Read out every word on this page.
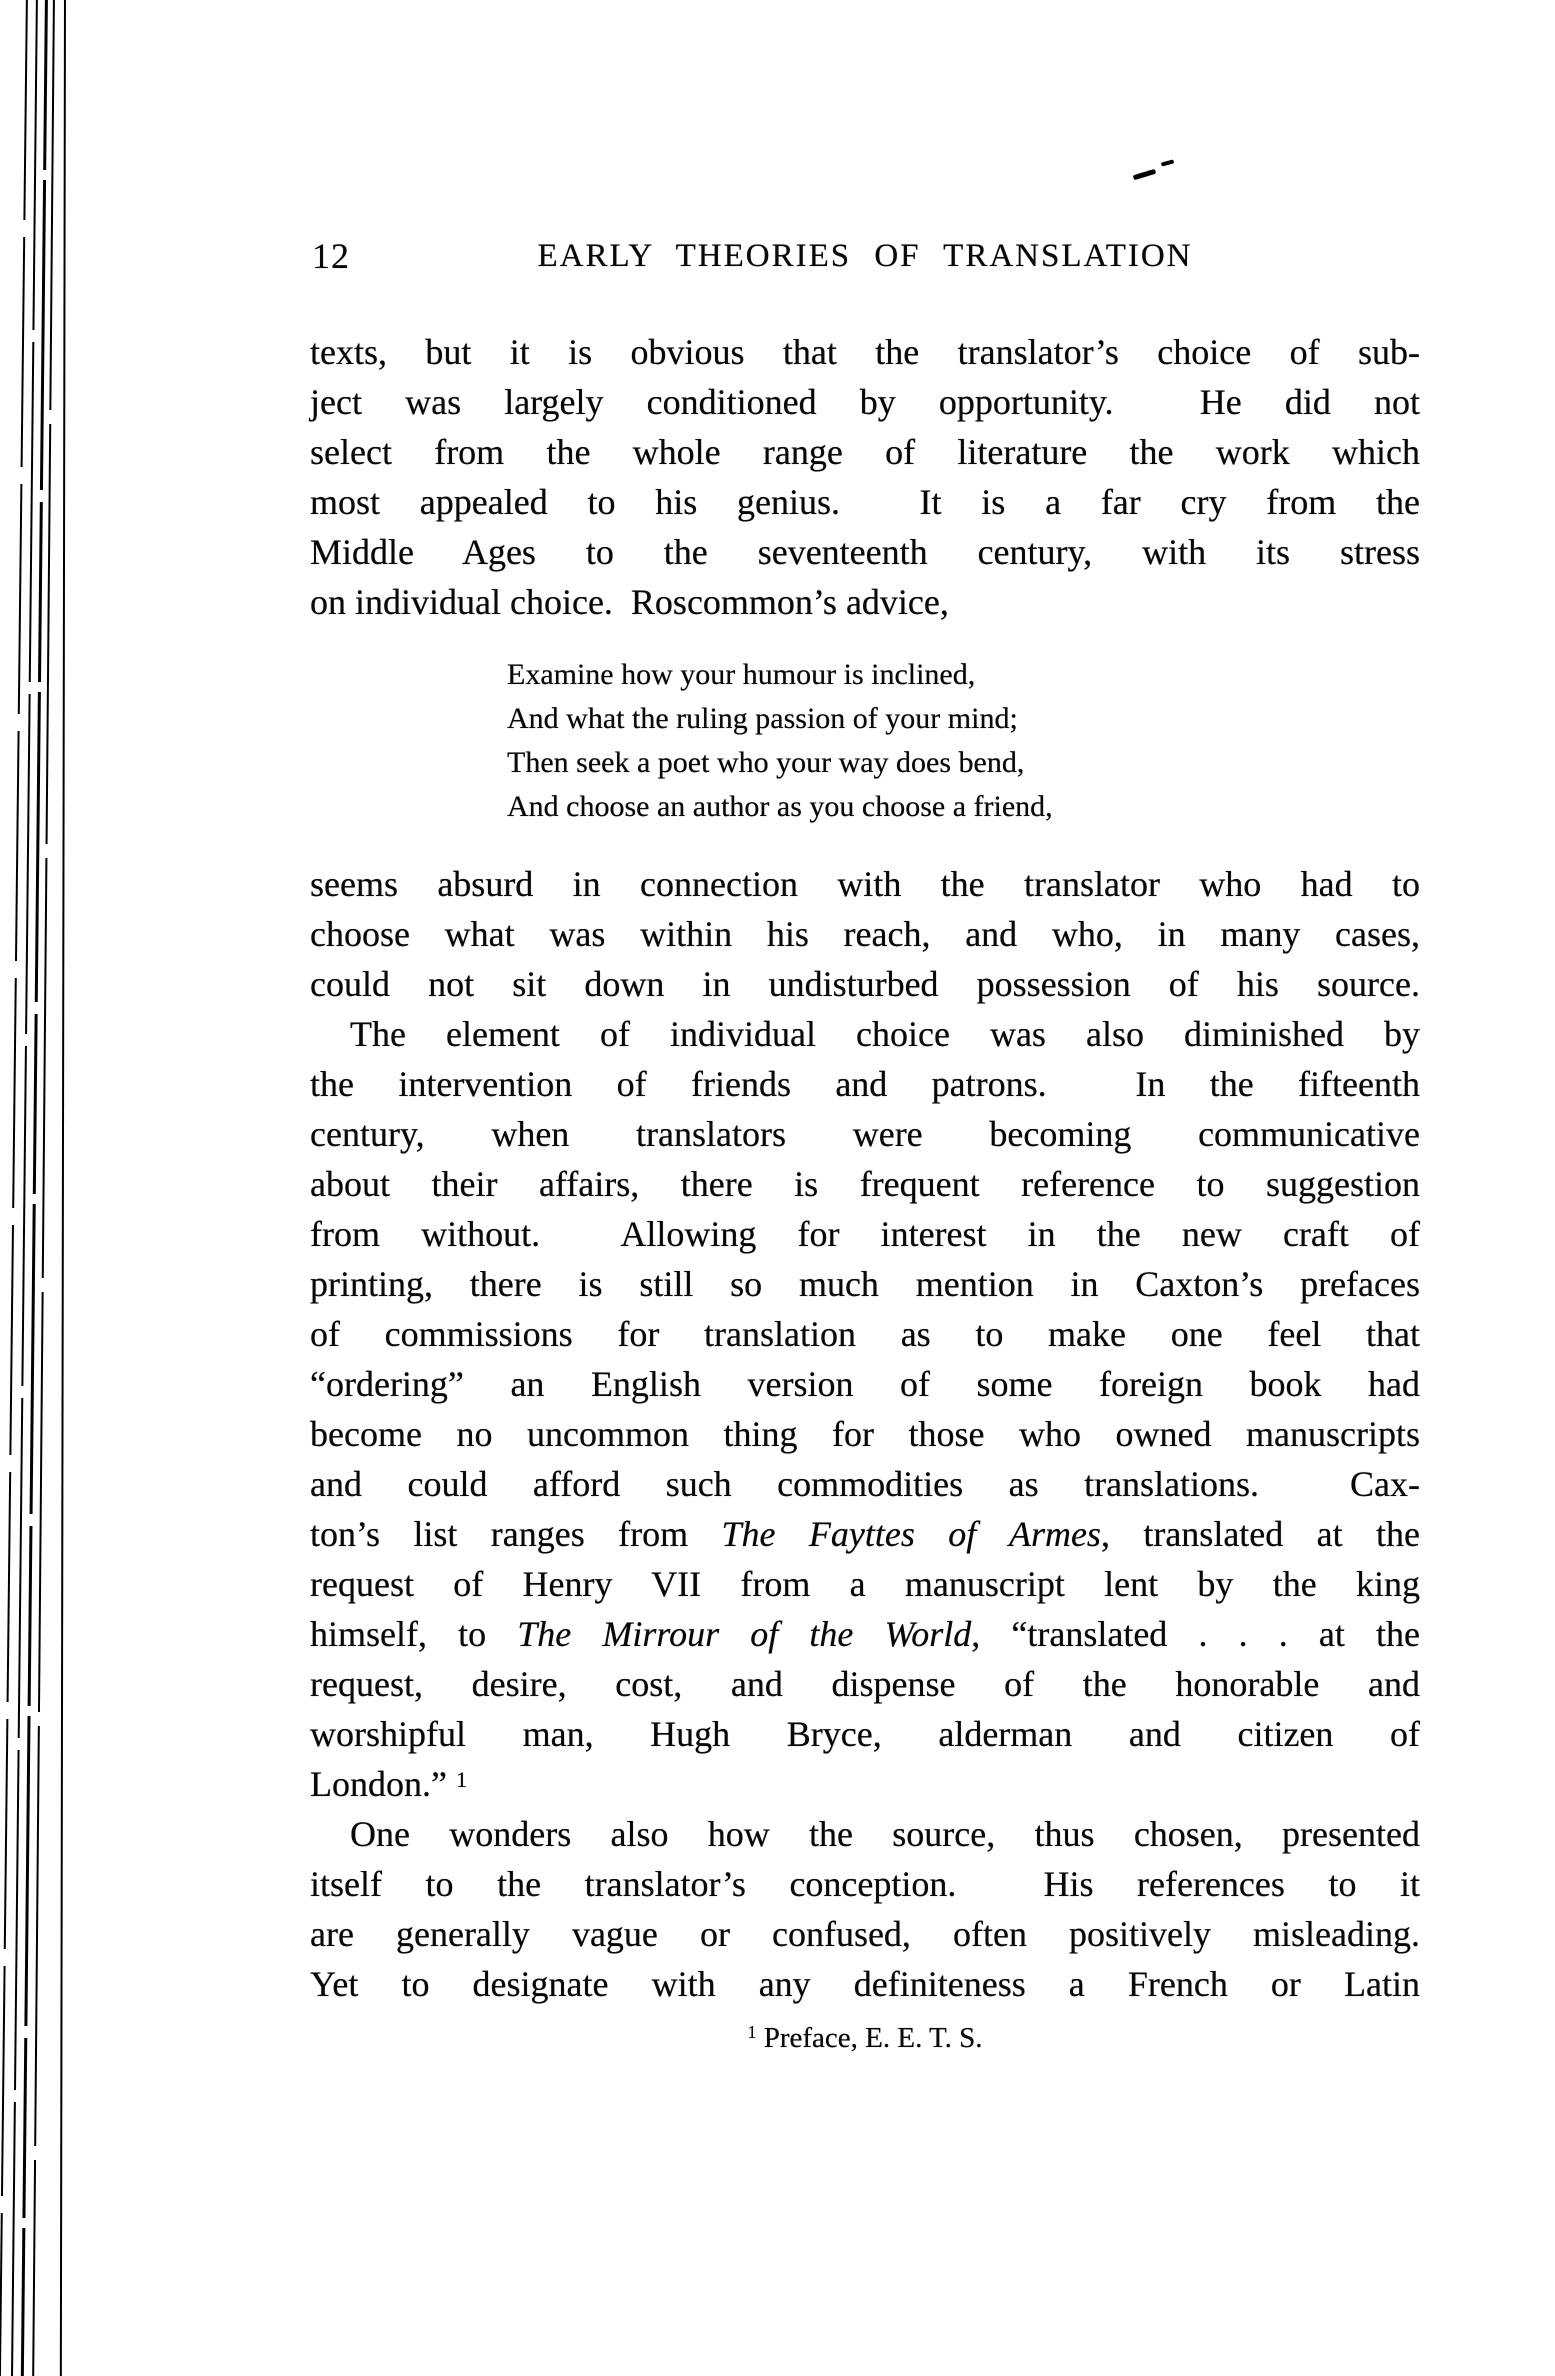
12	EARLY THEORIES OF TRANSLATION
texts, but it is obvious that the translator’s choice of sub-
ject was largely conditioned by opportunity.  He did not
select from the whole range of literature the work which
most appealed to his genius.  It is a far cry from the
Middle Ages to the seventeenth century, with its stress
on individual choice.  Roscommon’s advice,
Examine how your humour is inclined,
And what the ruling passion of your mind;
Then seek a poet who your way does bend,
And choose an author as you choose a friend,
seems absurd in connection with the translator who had to
choose what was within his reach, and who, in many cases,
could not sit down in undisturbed possession of his source.
The element of individual choice was also diminished by
the intervention of friends and patrons.  In the fifteenth
century, when translators were becoming communicative
about their affairs, there is frequent reference to suggestion
from without.  Allowing for interest in the new craft of
printing, there is still so much mention in Caxton’s prefaces
of commissions for translation as to make one feel that
“ordering” an English version of some foreign book had
become no uncommon thing for those who owned manuscripts
and could afford such commodities as translations.  Cax-
ton’s list ranges from The Fayttes of Armes, translated at the
request of Henry VII from a manuscript lent by the king
himself, to The Mirrour of the World, “translated . . . at the
request, desire, cost, and dispense of the honorable and
worshipful man, Hugh Bryce, alderman and citizen of
London.” $^1$
One wonders also how the source, thus chosen, presented
itself to the translator’s conception.  His references to it
are generally vague or confused, often positively misleading.
Yet to designate with any definiteness a French or Latin
$^1$ Preface, E. E. T. S.
